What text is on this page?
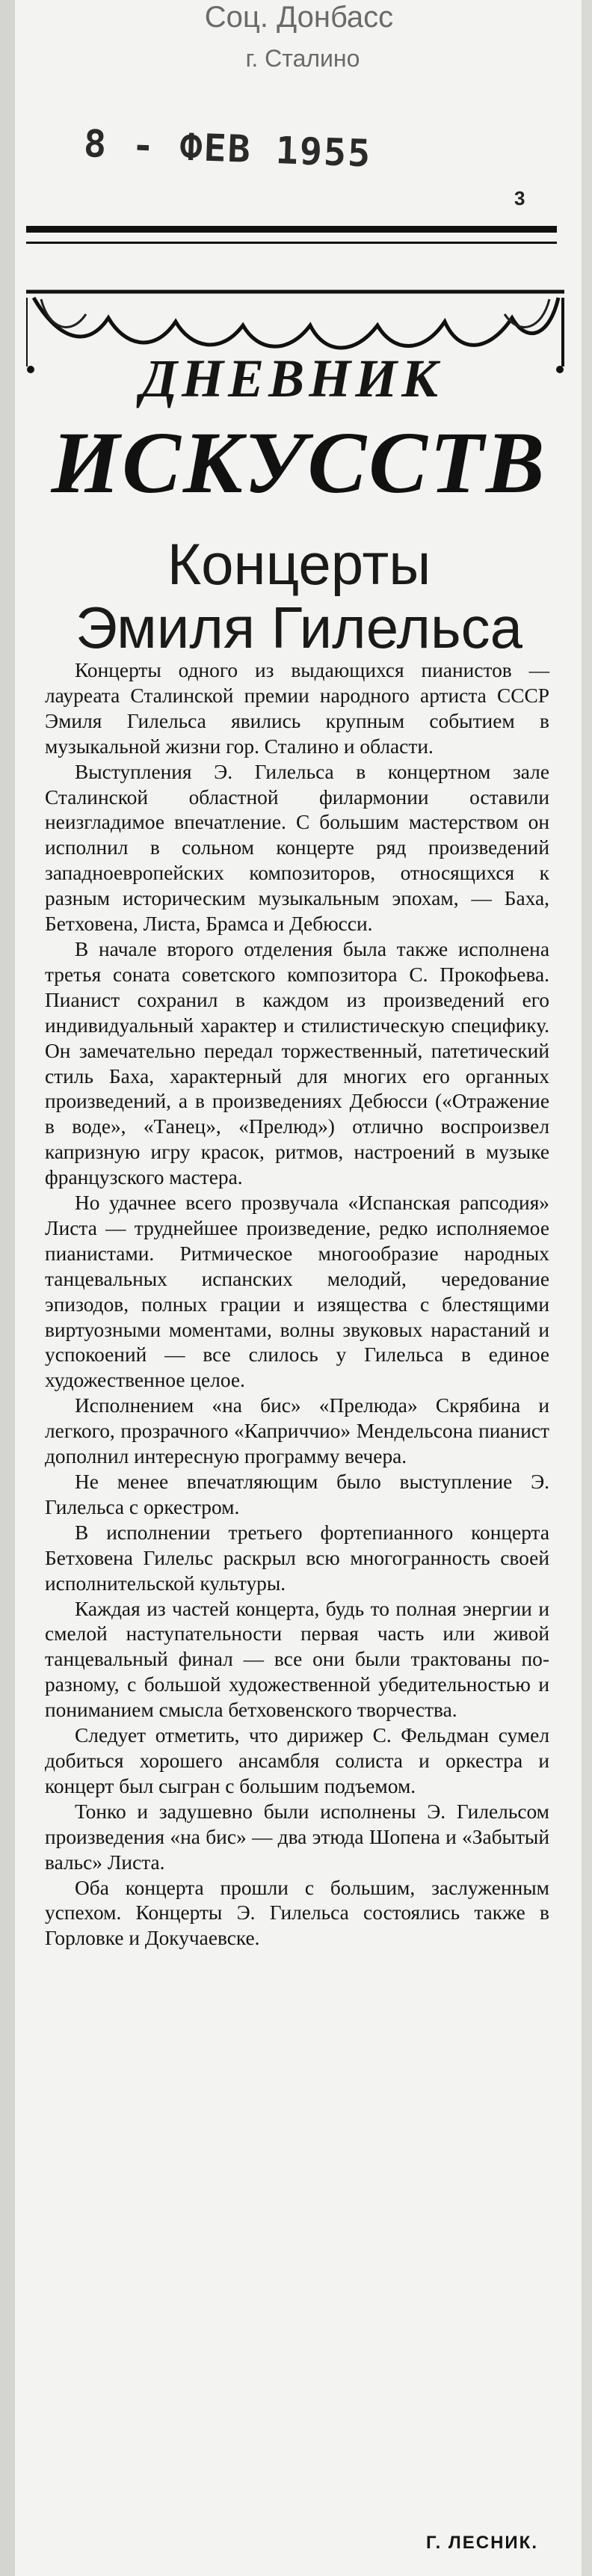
Соц. Донбасс
г. Сталино
8 - ФЕВ 1955
3
ДНЕВНИК
ИСКУССТВ
Концерты
Эмиля Гилельса

Концерты одного из выдающихся пианистов — лауреата Сталинской премии народного артиста СССР Эмиля Гилельса явились крупным событием в музыкальной жизни гор. Сталино и области.

Выступления Э. Гилельса в концертном зале Сталинской областной филармонии оставили неизгладимое впечатление. С большим мастерством он исполнил в сольном концерте ряд произведений западноевропейских композиторов, относящихся к разным историческим музыкальным эпохам, — Баха, Бетховена, Листа, Брамса и Дебюсси.

В начале второго отделения была также исполнена третья соната советского композитора С. Прокофьева. Пианист сохранил в каждом из произведений его индивидуальный характер и стилистическую специфику. Он замечательно передал торжественный, патетический стиль Баха, характерный для многих его органных произведений, а в произведениях Дебюсси («Отражение в воде», «Танец», «Прелюд») отлично воспроизвел капризную игру красок, ритмов, настроений в музыке французского мастера.

Но удачнее всего прозвучала «Испанская рапсодия» Листа — труднейшее произведение, редко исполняемое пианистами. Ритмическое многообразие народных танцевальных испанских мелодий, чередование эпизодов, полных грации и изящества с блестящими виртуозными моментами, волны звуковых нарастаний и успокоений — все слилось у Гилельса в единое художественное целое.

Исполнением «на бис» «Прелюда» Скрябина и легкого, прозрачного «Каприччио» Мендельсона пианист дополнил интересную программу вечера.

Не менее впечатляющим было выступление Э. Гилельса с оркестром.

В исполнении третьего фортепианного концерта Бетховена Гилельс раскрыл всю многогранность своей исполнительской культуры.

Каждая из частей концерта, будь то полная энергии и смелой наступательности первая часть или живой танцевальный финал — все они были трактованы по-разному, с большой художественной убедительностью и пониманием смысла бетховенского творчества.

Следует отметить, что дирижер С. Фельдман сумел добиться хорошего ансамбля солиста и оркестра и концерт был сыгран с большим подъемом.

Тонко и задушевно были исполнены Э. Гилельсом произведения «на бис» — два этюда Шопена и «Забытый вальс» Листа.

Оба концерта прошли с большим, заслуженным успехом. Концерты Э. Гилельса состоялись также в Горловке и Докучаевске.

Г. ЛЕСНИК.
